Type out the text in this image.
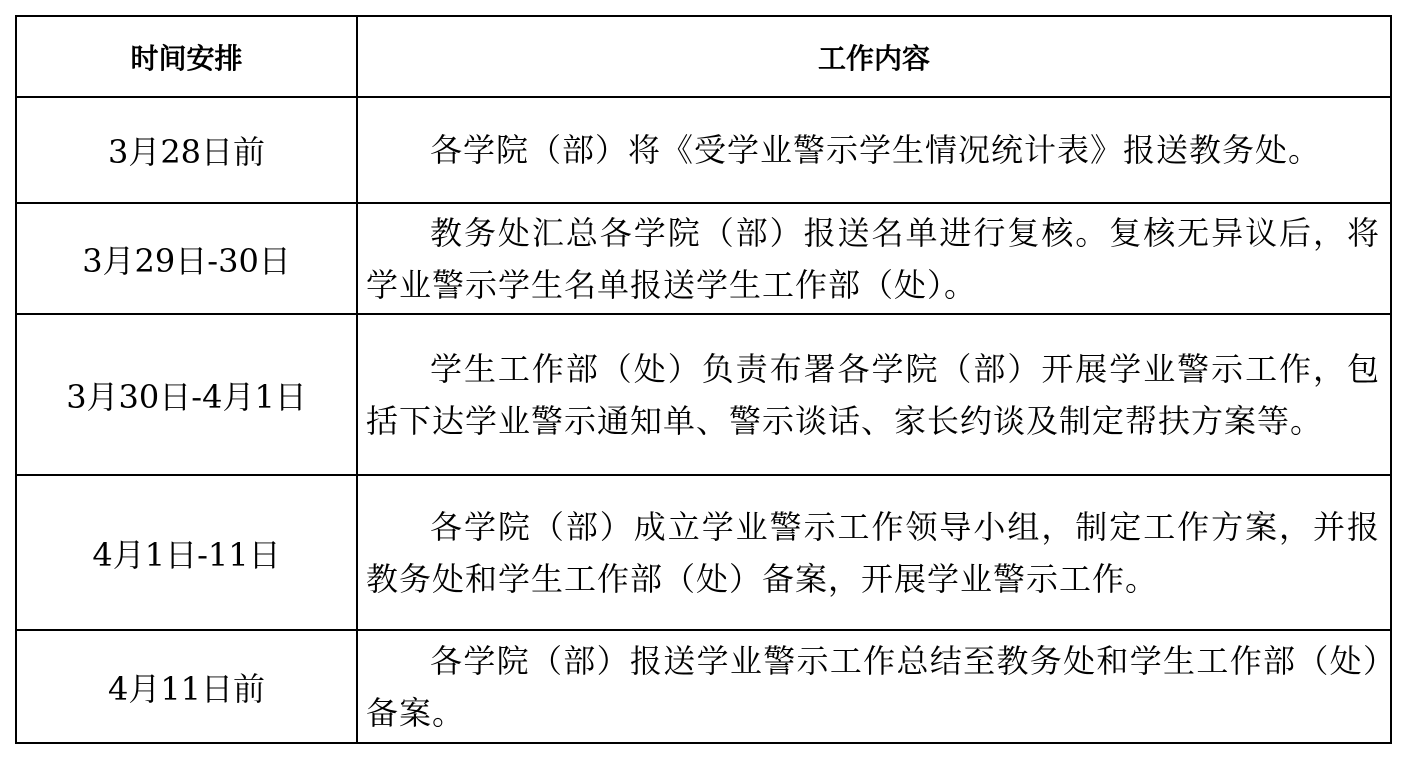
时间安排	工作内容
3月28日前	各学院（部）将《受学业警示学生情况统计表》报送教务处。

3月29日-30日	教务处汇总各学院（部）报送名单进行复核。复核无异议后，将学业警示学生名单报送学生工作部（处）。

3月30日-4月1日	学生工作部（处）负责布署各学院（部）开展学业警示工作，包括下达学业警示通知单、警示谈话、家长约谈及制定帮扶方案等。

4月1日-11日	各学院（部）成立学业警示工作领导小组，制定工作方案，并报教务处和学生工作部（处）备案，开展学业警示工作。

4月11日前	各学院（部）报送学业警示工作总结至教务处和学生工作部（处）备案。
